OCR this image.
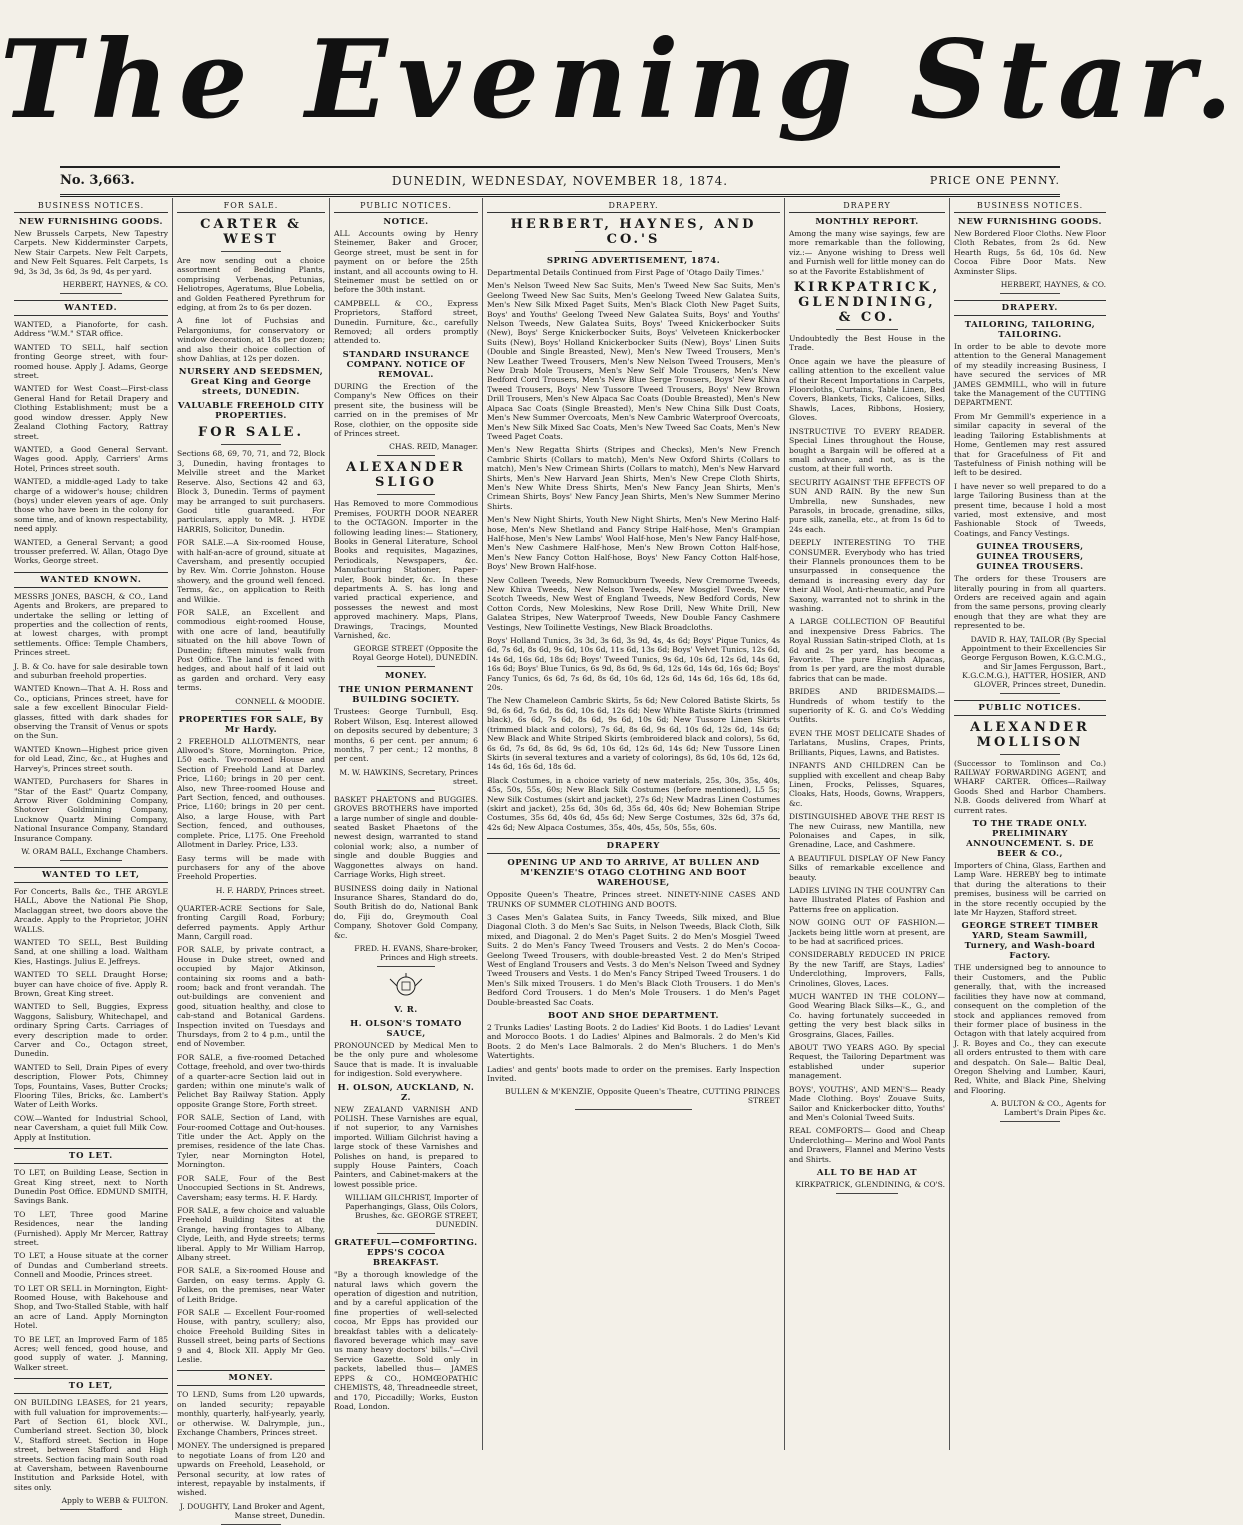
The Evening Star.
DUNEDIN, WEDNESDAY, NOVEMBER 18, 1874.
No. 3,663.	PRICE ONE PENNY.
BUSINESS NOTICES.
NEW FURNISHING GOODS.
New Brussels Carpets, New Tapestry Carpets. New Kidderminster Carpets, New Stair Carpets. New Felt Carpets, and New Felt Squares. Felt Carpets, 1s 9d, 3s 3d, 3s 6d, 3s 9d, 4s per yard.
HERBERT, HAYNES, & CO.
WANTED.
WANTED, a Pianoforte, for cash. Address "W.M." STAR office.
WANTED TO SELL, half section fronting George street, with four-roomed house. Apply J. Adams, George street.
WANTED for West Coast—First-class General Hand for Retail Drapery and Clothing Establishment; must be a good window dresser. Apply New Zealand Clothing Factory, Rattray street.
WANTED, a Good General Servant. Wages good. Apply, Carriers' Arms Hotel, Princes street south.
WANTED, a middle-aged Lady to take charge of a widower's house; children (boys) under eleven years of age. Only those who have been in the colony for some time, and of known respectability, need apply.
WANTED, a General Servant; a good trousser preferred. W. Allan, Otago Dye Works, George street.
WANTED KNOWN.
MESSRS JONES, BASCH, & CO., Land Agents and Brokers, are prepared to undertake the selling or letting of properties and the collection of rents, at lowest charges, with prompt settlements. Office: Temple Chambers, Princes street.
J. B. & Co. have for sale desirable town and suburban freehold properties.
WANTED Known—That A. H. Ross and Co., opticians, Princes street, have for sale a few excellent Binocular Field-glasses, fitted with dark shades for observing the Transit of Venus or spots on the Sun.
WANTED Known—Highest price given for old Lead, Zinc, &c., at Hughes and Harvey's, Princes street south.
WANTED, Purchasers for Shares in "Star of the East" Quartz Company, Arrow River Goldmining Company, Shotover Goldmining Company, Lucknow Quartz Mining Company, National Insurance Company, Standard Insurance Company.
W. ORAM BALL, Exchange Chambers.
WANTED TO LET,
For Concerts, Balls &c., THE ARGYLE HALL, Above the National Pie Shop, Maclaggan street, two doors above the Arcade. Apply to the Proprietor, JOHN WALLS.
WANTED TO SELL, Best Building Sand, at one shilling a load. Waltham Kies, Hastings. Julius E. Jeffreys.
WANTED TO SELL Draught Horse; buyer can have choice of five. Apply R. Brown, Great King street.
WANTED to Sell, Buggies, Express Waggons, Salisbury, Whitechapel, and ordinary Spring Carts. Carriages of every description made to order. Carver and Co., Octagon street, Dunedin.
WANTED to Sell, Drain Pipes of every description, Flower Pots, Chimney Tops, Fountains, Vases, Butter Crocks; Flooring Tiles, Bricks, &c. Lambert's Water of Leith Works.
COW.—Wanted for Industrial School, near Caversham, a quiet full Milk Cow. Apply at Institution.
TO LET.
TO LET, on Building Lease, Section in Great King street, next to North Dunedin Post Office. EDMUND SMITH, Savings Bank.
TO LET, Three good Marine Residences, near the landing (Furnished). Apply Mr Mercer, Rattray street.
TO LET, a House situate at the corner of Dundas and Cumberland streets. Connell and Moodie, Princes street.
TO LET OR SELL in Mornington, Eight-Roomed House, with Bakehouse and Shop, and Two-Stalled Stable, with half an acre of Land. Apply Mornington Hotel.
TO BE LET, an Improved Farm of 185 Acres; well fenced, good house, and good supply of water. J. Manning, Walker street.
TO LET,
ON BUILDING LEASES, for 21 years, with full valuation for improvements:— Part of Section 61, block XVI., Cumberland street. Section 30, block V., Stafford street. Section in Hope street, between Stafford and High streets. Section facing main South road at Caversham, between Ravenbourne Institution and Parkside Hotel, with sites only.
Apply to WEBB & FULTON.
FOR SALE.
CARTER & WEST
Are now sending out a choice assortment of Bedding Plants, comprising Verbenas, Petunias, Heliotropes, Ageratums, Blue Lobelia, and Golden Feathered Pyrethrum for edging, at from 2s to 6s per dozen.
A fine lot of Fuchsias and Pelargoniums, for conservatory or window decoration, at 18s per dozen; and also their choice collection of show Dahlias, at 12s per dozen.
NURSERY AND SEEDSMEN, Great King and George streets, DUNEDIN.
VALUABLE FREEHOLD CITY PROPERTIES.
FOR SALE.
Sections 68, 69, 70, 71, and 72, Block 3, Dunedin, having frontages to Melville street and the Market Reserve. Also, Sections 42 and 63, Block 3, Dunedin. Terms of payment may be arranged to suit purchasers. Good title guaranteed. For particulars, apply to MR. J. HYDE HARRIS, Solicitor, Dunedin.
FOR SALE.—A Six-roomed House, with half-an-acre of ground, situate at Caversham, and presently occupied by Rev. Wm. Corrie Johnston. House showery, and the ground well fenced. Terms, &c., on application to Reith and Wilkie.
FOR SALE, an Excellent and commodious eight-roomed House, with one acre of land, beautifully situated on the hill above Town of Dunedin; fifteen minutes' walk from Post Office. The land is fenced with hedges, and about half of it laid out as garden and orchard. Very easy terms.
CONNELL & MOODIE.
PROPERTIES FOR SALE, By Mr Hardy.
2 FREEHOLD ALLOTMENTS, near Allwood's Store, Mornington. Price, L50 each. Two-roomed House and Section of Freehold Land at Darley. Price, L160; brings in 20 per cent. Also, new Three-roomed House and Part Section, fenced, and outhouses. Price, L160; brings in 20 per cent. Also, a large House, with Part Section, fenced, and outhouses, complete. Price, L175. One Freehold Allotment in Darley. Price, L33.
Easy terms will be made with purchasers for any of the above Freehold Properties.
H. F. HARDY, Princes street.
QUARTER-ACRE Sections for Sale, fronting Cargill Road, Forbury; deferred payments. Apply Arthur Mann, Cargill road.
FOR SALE, by private contract, a House in Duke street, owned and occupied by Major Atkinson, containing six rooms and a bath-room; back and front verandah. The out-buildings are convenient and good, situation healthy, and close to cab-stand and Botanical Gardens. Inspection invited on Tuesdays and Thursdays, from 2 to 4 p.m., until the end of November.
FOR SALE, a five-roomed Detached Cottage, freehold, and over two-thirds of a quarter-acre Section laid out in garden; within one minute's walk of Pelichet Bay Railway Station. Apply opposite Grange Store, Forth street.
FOR SALE, Section of Land, with Four-roomed Cottage and Out-houses. Title under the Act. Apply on the premises, residence of the late Chas. Tyler, near Mornington Hotel, Mornington.
FOR SALE, Four of the Best Unoccupied Sections in St. Andrews, Caversham; easy terms. H. F. Hardy.
FOR SALE, a few choice and valuable Freehold Building Sites at the Grange, having frontages to Albany, Clyde, Leith, and Hyde streets; terms liberal. Apply to Mr William Harrop, Albany street.
FOR SALE, a Six-roomed House and Garden, on easy terms. Apply G. Folkes, on the premises, near Water of Leith Bridge.
FOR SALE — Excellent Four-roomed House, with pantry, scullery; also, choice Freehold Building Sites in Russell street, being parts of Sections 9 and 4, Block XII. Apply Mr Geo. Leslie.
MONEY.
TO LEND, Sums from L20 upwards, on landed security; repayable monthly, quarterly, half-yearly, yearly, or otherwise. W. Dalrymple, jun., Exchange Chambers, Princes street.
MONEY. The undersigned is prepared to negotiate Loans of from L20 and upwards on Freehold, Leasehold, or Personal security, at low rates of interest, repayable by instalments, if wished.
J. DOUGHTY, Land Broker and Agent, Manse street, Dunedin.
PUBLIC NOTICES.
NOTICE.
ALL Accounts owing by Henry Steinemer, Baker and Grocer, George street, must be sent in for payment on or before the 25th instant, and all accounts owing to H. Steinemer must be settled on or before the 30th instant.
CAMPBELL & CO., Express Proprietors, Stafford street, Dunedin. Furniture, &c., carefully Removed; all orders promptly attended to.
STANDARD INSURANCE COMPANY. NOTICE OF REMOVAL.
DURING the Erection of the Company's New Offices on their present site, the business will be carried on in the premises of Mr Rose, clothier, on the opposite side of Princes street.
CHAS. REID, Manager.
ALEXANDER SLIGO
Has Removed to more Commodious Premises, FOURTH DOOR NEARER to the OCTAGON. Importer in the following leading lines:— Stationery, Books in General Literature, School Books and requisites, Magazines, Periodicals, Newspapers, &c. Manufacturing Stationer, Paper-ruler, Book binder, &c. In these departments A. S. has long and varied practical experience, and possesses the newest and most approved machinery. Maps, Plans, Drawings, Tracings, Mounted Varnished, &c.
GEORGE STREET (Opposite the Royal George Hotel), DUNEDIN.
MONEY.
THE UNION PERMANENT BUILDING SOCIETY.
Trustees: George Turnbull, Esq. Robert Wilson, Esq. Interest allowed on deposits secured by debenture; 3 months, 6 per cent. per annum; 6 months, 7 per cent.; 12 months, 8 per cent.
M. W. HAWKINS, Secretary, Princes street.
BASKET PHAETONS and BUGGIES. GROVES BROTHERS have imported a large number of single and double-seated Basket Phaetons of the newest design, warranted to stand colonial work; also, a number of single and double Buggies and Waggonettes always on hand. Carriage Works, High street.
BUSINESS doing daily in National Insurance Shares, Standard do do, South British do do, National Bank do, Fiji do, Greymouth Coal Company, Shotover Gold Company, &c.
FRED. H. EVANS, Share-broker, Princes and High streets.
V. R.
H. OLSON'S TOMATO SAUCE,
PRONOUNCED by Medical Men to be the only pure and wholesome Sauce that is made. It is invaluable for indigestion. Sold everywhere.
H. OLSON, AUCKLAND, N. Z.
NEW ZEALAND VARNISH AND POLISH. These Varnishes are equal, if not superior, to any Varnishes imported. William Gilchrist having a large stock of these Varnishes and Polishes on hand, is prepared to supply House Painters, Coach Painters, and Cabinet-makers at the lowest possible price.
WILLIAM GILCHRIST, Importer of Paperhangings, Glass, Oils Colors, Brushes, &c. GEORGE STREET, DUNEDIN.
GRATEFUL—COMFORTING. EPPS'S COCOA BREAKFAST.
"By a thorough knowledge of the natural laws which govern the operation of digestion and nutrition, and by a careful application of the fine properties of well-selected cocoa, Mr Epps has provided our breakfast tables with a delicately-flavored beverage which may save us many heavy doctors' bills."—Civil Service Gazette. Sold only in packets, labelled thus— JAMES EPPS & CO., HOMŒOPATHIC CHEMISTS, 48, Threadneedle street, and 170, Piccadilly; Works, Euston Road, London.
DRAPERY.
HERBERT, HAYNES, AND CO.'S
SPRING ADVERTISEMENT, 1874.
Departmental Details Continued from First Page of 'Otago Daily Times.'
Men's Nelson Tweed New Sac Suits, Men's Tweed New Sac Suits, Men's Geelong Tweed New Sac Suits, Men's Geelong Tweed New Galatea Suits, Men's New Silk Mixed Paget Suits, Men's Black Cloth New Paget Suits, Boys' and Youths' Geelong Tweed New Galatea Suits, Boys' and Youths' Nelson Tweeds, New Galatea Suits, Boys' Tweed Knickerbocker Suits (New), Boys' Serge Knickerbocker Suits, Boys' Velveteen Knickerbocker Suits (New), Boys' Holland Knickerbocker Suits (New), Boys' Linen Suits (Double and Single Breasted, New), Men's New Tweed Trousers, Men's New Leather Tweed Trousers, Men's New Nelson Tweed Trousers, Men's New Drab Mole Trousers, Men's New Self Mole Trousers, Men's New Bedford Cord Trousers, Men's New Blue Serge Trousers, Boys' New Khiva Tweed Trousers, Boys' New Tussore Tweed Trousers, Boys' New Brown Drill Trousers, Men's New Alpaca Sac Coats (Double Breasted), Men's New Alpaca Sac Coats (Single Breasted), Men's New China Silk Dust Coats, Men's New Summer Overcoats, Men's New Cambric Waterproof Overcoats, Men's New Silk Mixed Sac Coats, Men's New Tweed Sac Coats, Men's New Tweed Paget Coats.
Men's New Regatta Shirts (Stripes and Checks), Men's New French Cambric Shirts (Collars to match), Men's New Oxford Shirts (Collars to match), Men's New Crimean Shirts (Collars to match), Men's New Harvard Shirts, Men's New Harvard Jean Shirts, Men's New Crepe Cloth Shirts, Men's New White Dress Shirts, Men's New Fancy Jean Shirts, Men's Crimean Shirts, Boys' New Fancy Jean Shirts, Men's New Summer Merino Shirts.
Men's New Night Shirts, Youth New Night Shirts, Men's New Merino Half-hose, Men's New Shetland and Fancy Stripe Half-hose, Men's Grampian Half-hose, Men's New Lambs' Wool Half-hose, Men's New Fancy Half-hose, Men's New Cashmere Half-hose, Men's New Brown Cotton Half-hose, Men's New Fancy Cotton Half-hose, Boys' New Fancy Cotton Half-hose, Boys' New Brown Half-hose.
New Colleen Tweeds, New Romuckburn Tweeds, New Cremorne Tweeds, New Khiva Tweeds, New Nelson Tweeds, New Mosgiel Tweeds, New Scotch Tweeds, New West of England Tweeds, New Bedford Cords, New Cotton Cords, New Moleskins, New Rose Drill, New White Drill, New Galatea Stripes, New Waterproof Tweeds, New Double Fancy Cashmere Vestings, New Toilinette Vestings, New Black Broadcloths.
Boys' Holland Tunics, 3s 3d, 3s 6d, 3s 9d, 4s, 4s 6d; Boys' Pique Tunics, 4s 6d, 7s 6d, 8s 6d, 9s 6d, 10s 6d, 11s 6d, 13s 6d; Boys' Velvet Tunics, 12s 6d, 14s 6d, 16s 6d, 18s 6d; Boys' Tweed Tunics, 9s 6d, 10s 6d, 12s 6d, 14s 6d, 16s 6d; Boys' Blue Tunics, 6s 9d, 8s 6d, 9s 6d, 12s 6d, 14s 6d, 16s 6d; Boys' Fancy Tunics, 6s 6d, 7s 6d, 8s 6d, 10s 6d, 12s 6d, 14s 6d, 16s 6d, 18s 6d, 20s.
The New Chameleon Cambric Skirts, 5s 6d; New Colored Batiste Skirts, 5s 9d, 6s 6d, 7s 6d, 8s 6d, 10s 6d, 12s 6d; New White Batiste Skirts (trimmed black), 6s 6d, 7s 6d, 8s 6d, 9s 6d, 10s 6d; New Tussore Linen Skirts (trimmed black and colors), 7s 6d, 8s 6d, 9s 6d, 10s 6d, 12s 6d, 14s 6d; New Black and White Striped Skirts (embroidered black and colors), 5s 6d, 6s 6d, 7s 6d, 8s 6d, 9s 6d, 10s 6d, 12s 6d, 14s 6d; New Tussore Linen Skirts (in several textures and a variety of colorings), 8s 6d, 10s 6d, 12s 6d, 14s 6d, 16s 6d, 18s 6d.
Black Costumes, in a choice variety of new materials, 25s, 30s, 35s, 40s, 45s, 50s, 55s, 60s; New Black Silk Costumes (before mentioned), L5 5s; New Silk Costumes (skirt and jacket), 27s 6d; New Madras Linen Costumes (skirt and jacket), 25s 6d, 30s 6d, 35s 6d, 40s 6d; New Bohemian Stripe Costumes, 35s 6d, 40s 6d, 45s 6d; New Serge Costumes, 32s 6d, 37s 6d, 42s 6d; New Alpaca Costumes, 35s, 40s, 45s, 50s, 55s, 60s.
DRAPERY
OPENING UP AND TO ARRIVE, AT BULLEN AND M'KENZIE'S OTAGO CLOTHING AND BOOT WAREHOUSE,
Opposite Queen's Theatre, Princes street. NINETY-NINE CASES AND TRUNKS OF SUMMER CLOTHING AND BOOTS.
3 Cases Men's Galatea Suits, in Fancy Tweeds, Silk mixed, and Blue Diagonal Cloth. 3 do Men's Sac Suits, in Nelson Tweeds, Black Cloth, Silk mixed, and Diagonal. 2 do Men's Paget Suits. 2 do Men's Mosgiel Tweed Suits. 2 do Men's Fancy Tweed Trousers and Vests. 2 do Men's Cocoa-Geelong Tweed Trousers, with double-breasted Vest. 2 do Men's Striped West of England Trousers and Vests. 3 do Men's Nelson Tweed and Sydney Tweed Trousers and Vests. 1 do Men's Fancy Striped Tweed Trousers. 1 do Men's Silk mixed Trousers. 1 do Men's Black Cloth Trousers. 1 do Men's Bedford Cord Trousers. 1 do Men's Mole Trousers. 1 do Men's Paget Double-breasted Sac Coats.
BOOT AND SHOE DEPARTMENT.
2 Trunks Ladies' Lasting Boots. 2 do Ladies' Kid Boots. 1 do Ladies' Levant and Morocco Boots. 1 do Ladies' Alpines and Balmorals. 2 do Men's Kid Boots. 2 do Men's Lace Balmorals. 2 do Men's Bluchers. 1 do Men's Watertights.
Ladies' and gents' boots made to order on the premises. Early Inspection Invited.
BULLEN & M'KENZIE, Opposite Queen's Theatre, CUTTING PRINCES STREET
DRAPERY
MONTHLY REPORT.
Among the many wise sayings, few are more remarkable than the following, viz.:— Anyone wishing to Dress well and Furnish well for little money can do so at the Favorite Establishment of
KIRKPATRICK, GLENDINING, & CO.
Undoubtedly the Best House in the Trade.
Once again we have the pleasure of calling attention to the excellent value of their Recent Importations in Carpets, Floorcloths, Curtains, Table Linen, Bed Covers, Blankets, Ticks, Calicoes, Silks, Shawls, Laces, Ribbons, Hosiery, Gloves.
INSTRUCTIVE TO EVERY READER. Special Lines throughout the House, bought a Bargain will be offered at a small advance, and not, as is the custom, at their full worth.
SECURITY AGAINST THE EFFECTS OF SUN AND RAIN. By the new Sun Umbrella, new Sunshades, new Parasols, in brocade, grenadine, silks, pure silk, zanella, etc., at from 1s 6d to 24s each.
DEEPLY INTERESTING TO THE CONSUMER. Everybody who has tried their Flannels pronounces them to be unsurpassed in consequence the demand is increasing every day for their All Wool, Anti-rheumatic, and Pure Saxony, warranted not to shrink in the washing.
A LARGE COLLECTION OF Beautiful and inexpensive Dress Fabrics. The Royal Russian Satin-striped Cloth, at 1s 6d and 2s per yard, has become a Favorite. The pure English Alpacas, from 1s per yard, are the most durable fabrics that can be made.
BRIDES AND BRIDESMAIDS.— Hundreds of whom testify to the superiority of K. G. and Co's Wedding Outfits.
EVEN THE MOST DELICATE Shades of Tarlatans, Muslins, Crapes, Prints, Brilliants, Piques, Lawns, and Batistes.
INFANTS AND CHILDREN Can be supplied with excellent and cheap Baby Linen, Frocks, Pelisses, Squares, Cloaks, Hats, Hoods, Gowns, Wrappers, &c.
DISTINGUISHED ABOVE THE REST IS The new Cuirass, new Mantilla, new Polonaises and Capes, in silk, Grenadine, Lace, and Cashmere.
A BEAUTIFUL DISPLAY OF New Fancy Silks of remarkable excellence and beauty.
LADIES LIVING IN THE COUNTRY Can have Illustrated Plates of Fashion and Patterns free on application.
NOW GOING OUT OF FASHION.— Jackets being little worn at present, are to be had at sacrificed prices.
CONSIDERABLY REDUCED IN PRICE By the new Tariff, are Stays, Ladies' Underclothing, Improvers, Falls, Crinolines, Gloves, Laces.
MUCH WANTED IN THE COLONY— Good Wearing Black Silks—K., G., and Co. having fortunately succeeded in getting the very best black silks in Grosgrains, Glaces, Failles.
ABOUT TWO YEARS AGO. By special Request, the Tailoring Department was established under superior management.
BOYS', YOUTHS', AND MEN'S— Ready Made Clothing. Boys' Zouave Suits, Sailor and Knickerbocker ditto, Youths' and Men's Colonial Tweed Suits.
REAL COMFORTS— Good and Cheap Underclothing— Merino and Wool Pants and Drawers, Flannel and Merino Vests and Shirts.
ALL TO BE HAD AT
KIRKPATRICK, GLENDINING, & CO'S.
BUSINESS NOTICES.
NEW FURNISHING GOODS.
New Bordered Floor Cloths. New Floor Cloth Rebates, from 2s 6d. New Hearth Rugs, 5s 6d, 10s 6d. New Cocoa Fibre Door Mats. New Axminster Slips.
HERBERT, HAYNES, & CO.
DRAPERY.
TAILORING, TAILORING, TAILORING.
In order to be able to devote more attention to the General Management of my steadily increasing Business, I have secured the services of MR JAMES GEMMILL, who will in future take the Management of the CUTTING DEPARTMENT.
From Mr Gemmill's experience in a similar capacity in several of the leading Tailoring Establishments at Home, Gentlemen may rest assured that for Gracefulness of Fit and Tastefulness of Finish nothing will be left to be desired.
I have never so well prepared to do a large Tailoring Business than at the present time, because I hold a most varied, most extensive, and most Fashionable Stock of Tweeds, Coatings, and Fancy Vestings.
GUINEA TROUSERS, GUINEA TROUSERS, GUINEA TROUSERS.
The orders for these Trousers are literally pouring in from all quarters. Orders are received again and again from the same persons, proving clearly enough that they are what they are represented to be.
DAVID R. HAY, TAILOR (By Special Appointment to their Excellencies Sir George Ferguson Bowen, K.G.C.M.G., and Sir James Fergusson, Bart., K.G.C.M.G.), HATTER, HOSIER, AND GLOVER, Princes street, Dunedin.
PUBLIC NOTICES.
ALEXANDER MOLLISON
(Successor to Tomlinson and Co.) RAILWAY FORWARDING AGENT, and WHARF CARTER. Offices—Railway Goods Shed and Harbor Chambers. N.B. Goods delivered from Wharf at current rates.
TO THE TRADE ONLY. PRELIMINARY ANNOUNCEMENT. S. DE BEER & CO.,
Importers of China, Glass, Earthen and Lamp Ware. HEREBY beg to intimate that during the alterations to their premises, business will be carried on in the store recently occupied by the late Mr Hayzen, Stafford street.
GEORGE STREET TIMBER YARD, Steam Sawmill, Turnery, and Wash-board Factory.
THE undersigned beg to announce to their Customers, and the Public generally, that, with the increased facilities they have now at command, consequent on the completion of the stock and appliances removed from their former place of business in the Octagon with that lately acquired from J. R. Boyes and Co., they can execute all orders entrusted to them with care and despatch. On Sale— Baltic Deal, Oregon Shelving and Lumber, Kauri, Red, White, and Black Pine, Shelving and Flooring.
A. BULTON & CO., Agents for Lambert's Drain Pipes &c.
